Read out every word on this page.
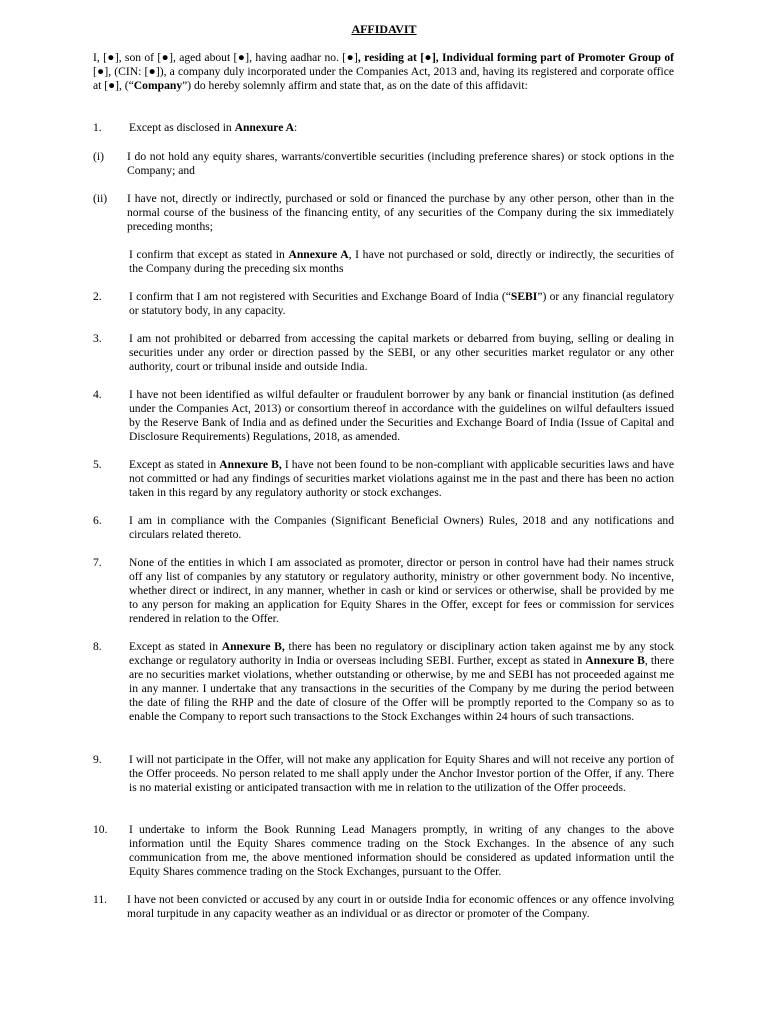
AFFIDAVIT

I, [●], son of [●], aged about [●], having aadhar no. [●], residing at [●], Individual forming part of Promoter Group of [●], (CIN: [●]), a company duly incorporated under the Companies Act, 2013 and, having its registered and corporate office at [●], (“Company”) do hereby solemnly affirm and state that, as on the date of this affidavit:

1. Except as disclosed in Annexure A:

(i) I do not hold any equity shares, warrants/convertible securities (including preference shares) or stock options in the Company; and

(ii) I have not, directly or indirectly, purchased or sold or financed the purchase by any other person, other than in the normal course of the business of the financing entity, of any securities of the Company during the six immediately preceding months;

I confirm that except as stated in Annexure A, I have not purchased or sold, directly or indirectly, the securities of the Company during the preceding six months

2. I confirm that I am not registered with Securities and Exchange Board of India (“SEBI”) or any financial regulatory or statutory body, in any capacity.

3. I am not prohibited or debarred from accessing the capital markets or debarred from buying, selling or dealing in securities under any order or direction passed by the SEBI, or any other securities market regulator or any other authority, court or tribunal inside and outside India.

4. I have not been identified as wilful defaulter or fraudulent borrower by any bank or financial institution (as defined under the Companies Act, 2013) or consortium thereof in accordance with the guidelines on wilful defaulters issued by the Reserve Bank of India and as defined under the Securities and Exchange Board of India (Issue of Capital and Disclosure Requirements) Regulations, 2018, as amended.

5. Except as stated in Annexure B, I have not been found to be non-compliant with applicable securities laws and have not committed or had any findings of securities market violations against me in the past and there has been no action taken in this regard by any regulatory authority or stock exchanges.

6. I am in compliance with the Companies (Significant Beneficial Owners) Rules, 2018 and any notifications and circulars related thereto.

7. None of the entities in which I am associated as promoter, director or person in control have had their names struck off any list of companies by any statutory or regulatory authority, ministry or other government body. No incentive, whether direct or indirect, in any manner, whether in cash or kind or services or otherwise, shall be provided by me to any person for making an application for Equity Shares in the Offer, except for fees or commission for services rendered in relation to the Offer.

8. Except as stated in Annexure B, there has been no regulatory or disciplinary action taken against me by any stock exchange or regulatory authority in India or overseas including SEBI. Further, except as stated in Annexure B, there are no securities market violations, whether outstanding or otherwise, by me and SEBI has not proceeded against me in any manner. I undertake that any transactions in the securities of the Company by me during the period between the date of filing the RHP and the date of closure of the Offer will be promptly reported to the Company so as to enable the Company to report such transactions to the Stock Exchanges within 24 hours of such transactions.

9. I will not participate in the Offer, will not make any application for Equity Shares and will not receive any portion of the Offer proceeds. No person related to me shall apply under the Anchor Investor portion of the Offer, if any. There is no material existing or anticipated transaction with me in relation to the utilization of the Offer proceeds.

10. I undertake to inform the Book Running Lead Managers promptly, in writing of any changes to the above information until the Equity Shares commence trading on the Stock Exchanges. In the absence of any such communication from me, the above mentioned information should be considered as updated information until the Equity Shares commence trading on the Stock Exchanges, pursuant to the Offer.

11. I have not been convicted or accused by any court in or outside India for economic offences or any offence involving moral turpitude in any capacity weather as an individual or as director or promoter of the Company.
